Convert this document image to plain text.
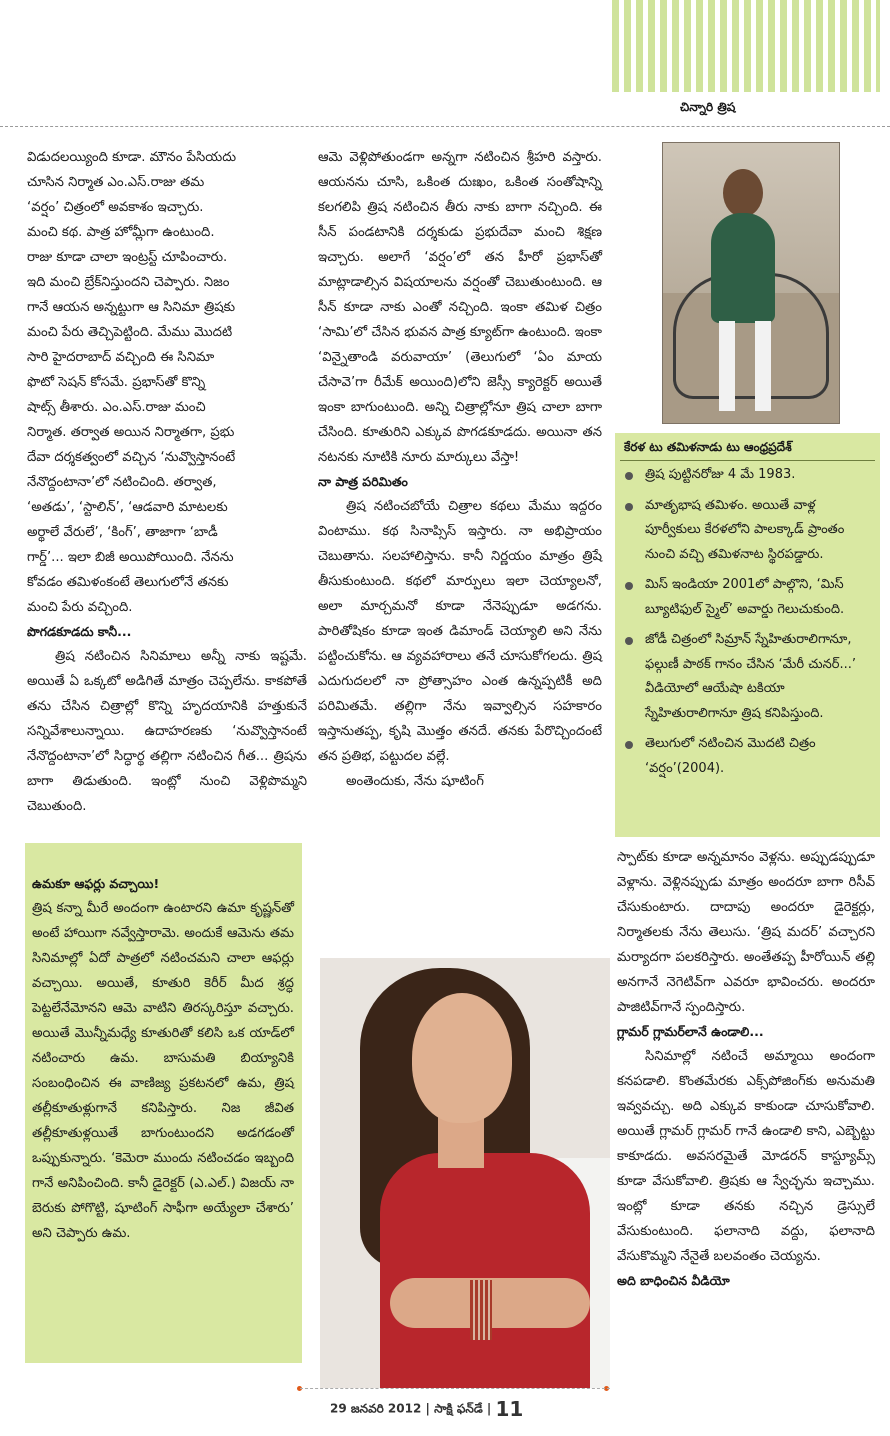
చిన్నారి త్రిష

విడుదలయ్యింది కూడా. మౌనం పేసియదు

చూసిన నిర్మాత ఎం.ఎస్.రాజు తమ

‘వర్షం’ చిత్రంలో అవకాశం ఇచ్చారు.

మంచి కథ. పాత్ర హోమ్లీగా ఉంటుంది.

రాజు కూడా చాలా ఇంట్రస్ట్ చూపించారు.

ఇది మంచి బ్రేక్‌నిస్తుందని చెప్పారు. నిజం

గానే ఆయన అన్నట్టుగా ఆ సినిమా త్రిషకు

మంచి పేరు తెచ్చిపెట్టింది. మేము మొదటి

సారి హైదరాబాద్ వచ్చింది ఈ సినిమా

ఫొటో సెషన్ కోసమే. ప్రభాస్‌తో కొన్ని

షాట్స్ తీశారు. ఎం.ఎస్.రాజు మంచి

నిర్మాత. తర్వాత అయిన నిర్మాతగా, ప్రభు

దేవా దర్శకత్వంలో వచ్చిన ‘నువ్వొస్తానంటే

నేనొద్దంటానా’లో నటించింది. తర్వాత,

‘అతడు’, ‘స్టాలిన్’, ‘ఆడవారి మాటలకు

అర్థాలే వేరులే’, ‘కింగ్’, తాజాగా ‘బాడీ

గార్డ్’... ఇలా బిజీ అయిపోయింది. నేనను

కోవడం తమిళంకంటే తెలుగులోనే తనకు

మంచి పేరు వచ్చింది.

పొగడకూడదు కానీ...

త్రిష నటించిన సినిమాలు అన్నీ నాకు ఇష్టమే. అయితే ఏ ఒక్కటో అడిగితే మాత్రం చెప్పలేను. కాకపోతే తను చేసిన చిత్రాల్లో కొన్ని హృదయానికి హత్తుకునే సన్నివేశాలున్నాయి. ఉదాహరణకు ‘నువ్వొస్తానంటే నేనొద్దంటానా’లో సిద్ధార్థ తల్లిగా నటించిన గీత... త్రిషను బాగా తిడుతుంది. ఇంట్లో నుంచి వెళ్లిపొమ్మని చెబుతుంది.

ఉమకూ ఆఫర్లు వచ్చాయి!

త్రిష కన్నా మీరే అందంగా ఉంటారని ఉమా కృష్ణన్‌తో అంటే హాయిగా నవ్వేస్తారామె. అందుకే ఆమెను తమ సినిమాల్లో ఏదో పాత్రలో నటించమని చాలా ఆఫర్లు వచ్చాయి. అయితే, కూతురి కెరీర్ మీద శ్రద్ధ పెట్టలేనేమోనని ఆమె వాటిని తిరస్కరిస్తూ వచ్చారు. అయితే మొన్నీమధ్యే కూతురితో కలిసి ఒక యాడ్‌లో నటించారు ఉమ. బాసుమతి బియ్యానికి సంబంధించిన ఈ వాణిజ్య ప్రకటనలో ఉమ, త్రిష తల్లీకూతుళ్లుగానే కనిపిస్తారు. నిజ జీవిత తల్లీకూతుళ్లయితే బాగుంటుందని అడగడంతో ఒప్పుకున్నారు. ‘కెమెరా ముందు నటించడం ఇబ్బంది గానే అనిపించింది. కానీ డైరెక్టర్ (ఎ.ఎల్.) విజయ్ నా బెరుకు పోగొట్టి, షూటింగ్ సాఫీగా అయ్యేలా చేశారు’ అని చెప్పారు ఉమ.

ఆమె వెళ్లిపోతుండగా అన్నగా నటించిన శ్రీహరి వస్తారు. ఆయనను చూసి, ఒకింత దుఃఖం, ఒకింత సంతోషాన్ని కలగలిపి త్రిష నటించిన తీరు నాకు బాగా నచ్చింది. ఈ సీన్ పండటానికి దర్శకుడు ప్రభుదేవా మంచి శిక్షణ ఇచ్చారు. అలాగే ‘వర్షం’లో తన హీరో ప్రభాస్‌తో మాట్లాడాల్సిన విషయాలను వర్షంతో చెబుతుంటుంది. ఆ సీన్ కూడా నాకు ఎంతో నచ్చింది. ఇంకా తమిళ చిత్రం ‘సామి’లో చేసిన భువన పాత్ర క్యూట్‌గా ఉంటుంది. ఇంకా ‘విన్నైతాండి వరువాయా’ (తెలుగులో ‘ఏం మాయ చేసావె’గా రీమేక్ అయింది)లోని జెస్సీ క్యారెక్టర్ అయితే ఇంకా బాగుంటుంది. అన్ని చిత్రాల్లోనూ త్రిష చాలా బాగా చేసింది. కూతురిని ఎక్కువ పొగడకూడదు. అయినా తన నటనకు నూటికి నూరు మార్కులు వేస్తా!

నా పాత్ర పరిమితం

త్రిష నటించబోయే చిత్రాల కథలు మేము ఇద్దరం వింటాము. కథ సినాప్సిస్ ఇస్తారు. నా అభిప్రాయం చెబుతాను. సలహాలిస్తాను. కానీ నిర్ణయం మాత్రం త్రిషే తీసుకుంటుంది. కథలో మార్పులు ఇలా చెయ్యాలనో, అలా మార్చమనో కూడా నేనెప్పుడూ అడగను. పారితోషికం కూడా ఇంత డిమాండ్ చెయ్యాలి అని నేను పట్టించుకోను. ఆ వ్యవహారాలు తనే చూసుకోగలదు. త్రిష ఎదుగుదలలో నా ప్రోత్సాహం ఎంత ఉన్నప్పటికీ అది పరిమితమే. తల్లిగా నేను ఇవ్వాల్సిన సహకారం ఇస్తానుతప్ప, కృషి మొత్తం తనదే. తనకు పేరొచ్చిందంటే తన ప్రతిభ, పట్టుదల వల్లే.

అంతెందుకు, నేను షూటింగ్

కేరళ టు తమిళనాడు టు ఆంధ్రప్రదేశ్
త్రిష పుట్టినరోజు 4 మే 1983.
మాతృభాష తమిళం. అయితే వాళ్ల పూర్వీకులు కేరళలోని పాలక్కాడ్ ప్రాంతం నుంచి వచ్చి తమిళనాట స్థిరపడ్డారు.
మిస్ ఇండియా 2001లో పాల్గొని, ‘మిస్ బ్యూటిఫుల్ స్మైల్’ అవార్డు గెలుచుకుంది.
జోడీ చిత్రంలో సిమ్రాన్ స్నేహితురాలిగానూ, ఫల్గుణీ పాఠక్ గానం చేసిన ‘మేరీ చునర్...’ వీడియోలో ఆయేషా టకియా స్నేహితురాలిగానూ త్రిష కనిపిస్తుంది.
తెలుగులో నటించిన మొదటి చిత్రం ‘వర్షం’(2004).

స్పాట్‌కు కూడా అన్నమానం వెళ్లను. అప్పుడప్పుడూ వెళ్లాను. వెళ్లినప్పుడు మాత్రం అందరూ బాగా రిసీవ్ చేసుకుంటారు. దాదాపు అందరూ డైరెక్టర్లు, నిర్మాతలకు నేను తెలుసు. ‘త్రిష మదర్’ వచ్చారని మర్యాదగా పలకరిస్తారు. అంతేతప్ప హీరోయిన్ తల్లి అనగానే నెగెటివ్‌గా ఎవరూ భావించరు. అందరూ పాజిటివ్‌గానే స్పందిస్తారు.

గ్లామర్ గ్లామర్‌లానే ఉండాలి...

సినిమాల్లో నటించే అమ్మాయి అందంగా కనపడాలి. కొంతమేరకు ఎక్స్‌పోజింగ్‌కు అనుమతి ఇవ్వవచ్చు. అది ఎక్కువ కాకుండా చూసుకోవాలి. అయితే గ్లామర్ గ్లామర్ గానే ఉండాలి కాని, ఎబ్బెట్టు కాకూడదు. అవసరమైతే మోడరన్ కాస్ట్యూమ్స్ కూడా వేసుకోవాలి. త్రిషకు ఆ స్వేచ్ఛను ఇచ్చాము. ఇంట్లో కూడా తనకు నచ్చిన డ్రెస్సులే వేసుకుంటుంది. ఫలానాది వద్దు, ఫలానాది వేసుకొమ్మని నేనైతే బలవంతం చెయ్యను.

అది బాధించిన వీడియో

29 జనవరి 2012 | సాక్షి ఫన్‌డే | 11
